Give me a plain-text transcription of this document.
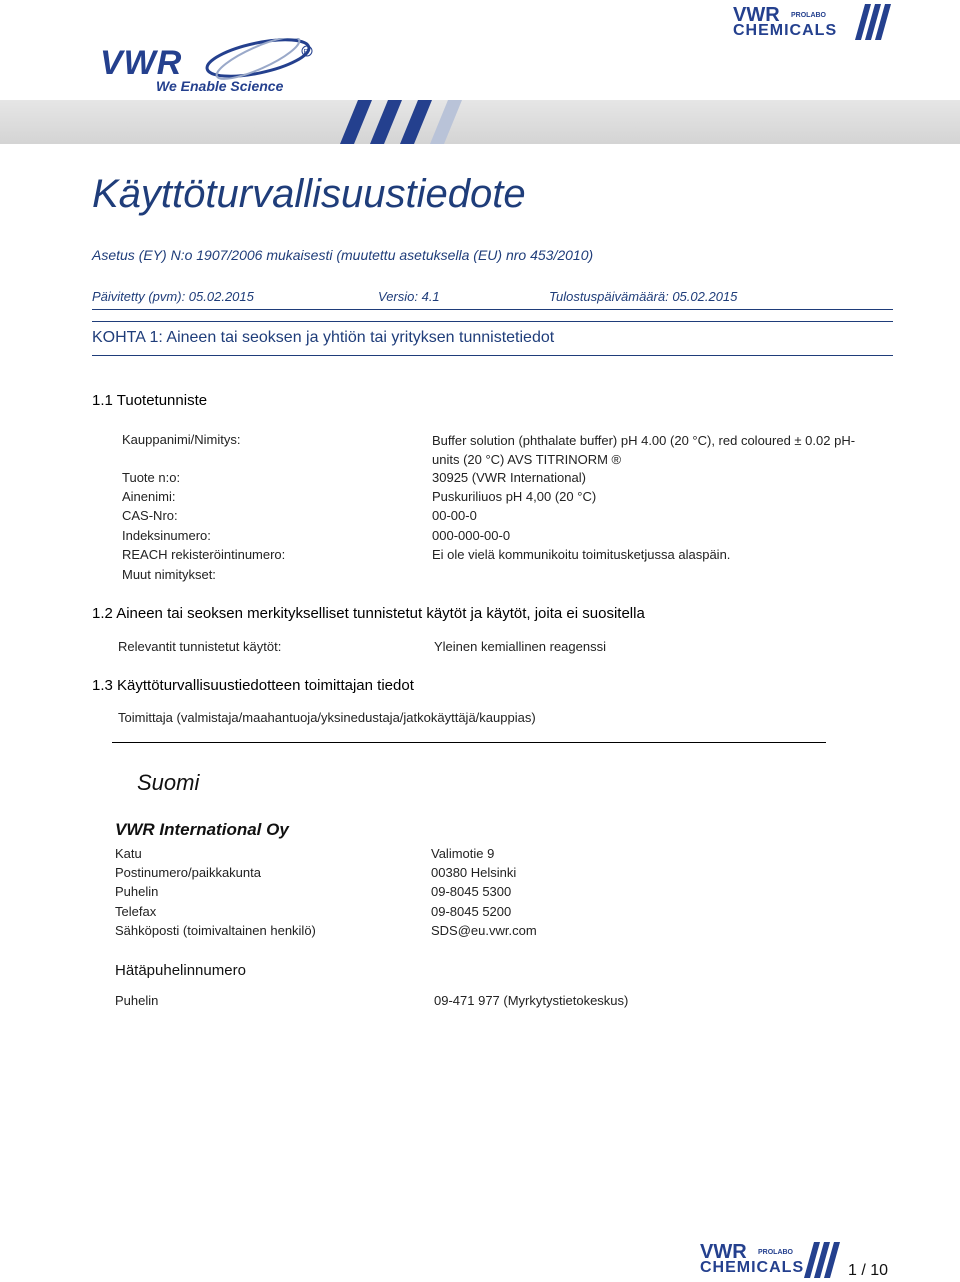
R
VWR
We Enable Science
VWR PROLABO
CHEMICALS
Käyttöturvallisuustiedote
Asetus (EY) N:o 1907/2006 mukaisesti (muutettu asetuksella (EU) nro 453/2010)
Päivitetty (pvm): 05.02.2015	Versio: 4.1	Tulostuspäivämäärä: 05.02.2015
KOHTA 1: Aineen tai seoksen ja yhtiön tai yrityksen tunnistetiedot
1.1 Tuotetunniste
Kauppanimi/Nimitys:	Buffer solution (phthalate buffer) pH 4.00 (20 °C), red coloured ± 0.02 pH-units (20 °C) AVS TITRINORM ®
Tuote n:o:	30925 (VWR International)
Ainenimi:	Puskuriliuos pH 4,00 (20 °C)
CAS-Nro:	00-00-0
Indeksinumero:	000-000-00-0
REACH rekisteröintinumero:	Ei ole vielä kommunikoitu toimitusketjussa alaspäin.
Muut nimitykset:
1.2 Aineen tai seoksen merkitykselliset tunnistetut käytöt ja käytöt, joita ei suositella
Relevantit tunnistetut käytöt:	Yleinen kemiallinen reagenssi
1.3 Käyttöturvallisuustiedotteen toimittajan tiedot
Toimittaja (valmistaja/maahantuoja/yksinedustaja/jatkokäyttäjä/kauppias)
Suomi
VWR International Oy
Katu	Valimotie 9
Postinumero/paikkakunta	00380 Helsinki
Puhelin	09-8045 5300
Telefax	09-8045 5200
Sähköposti (toimivaltainen henkilö)	SDS@eu.vwr.com
Hätäpuhelinnumero
Puhelin	09-471 977 (Myrkytystietokeskus)
VWR PROLABO
CHEMICALS	1 / 10
